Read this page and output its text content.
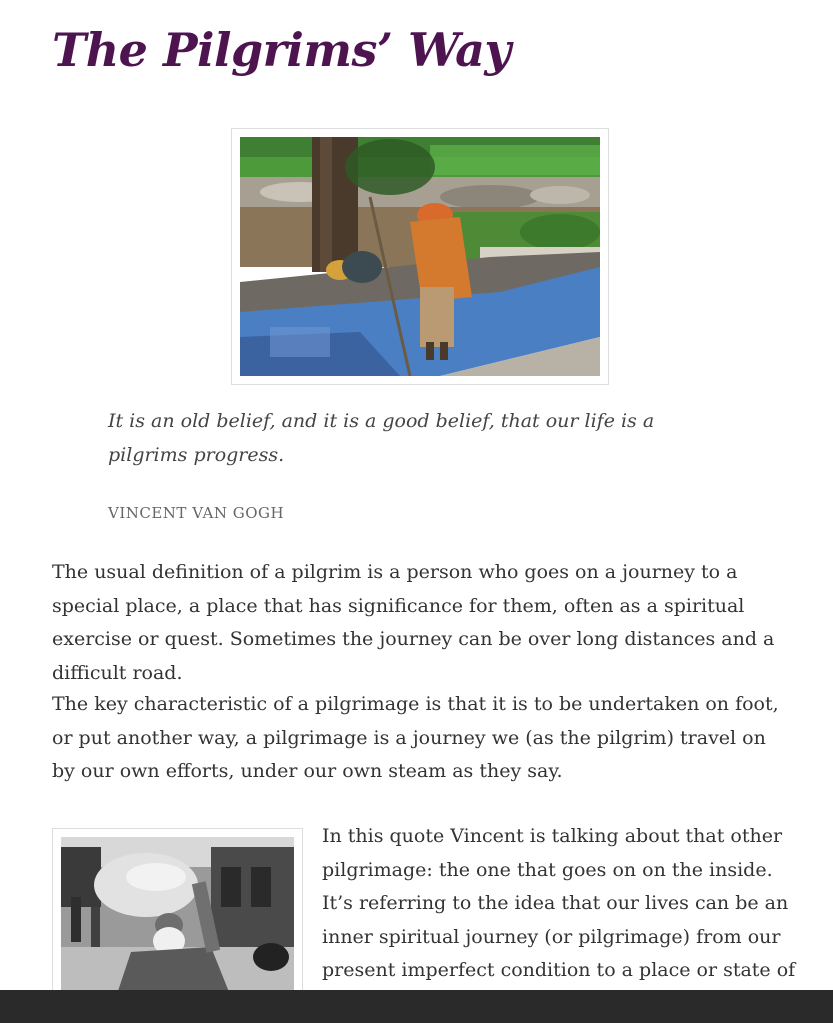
The Pilgrims’ Way

It is an old belief, and it is a good belief, that our life is a pilgrims progress.

VINCENT VAN GOGH

The usual definition of a pilgrim is a person who goes on a journey to a special place, a place that has significance for them, often as a spiritual exercise or quest. Sometimes the journey can be over long distances and a difficult road.

The key characteristic of a pilgrimage is that it is to be undertaken on foot, or put another way, a pilgrimage is a journey we (as the pilgrim) travel on by our own efforts, under our own steam as they say.

In this quote Vincent is talking about that other pilgrimage: the one that goes on on the inside. It’s referring to the idea that our lives can be an inner spiritual journey (or pilgrimage) from our present imperfect condition to a place or state of
